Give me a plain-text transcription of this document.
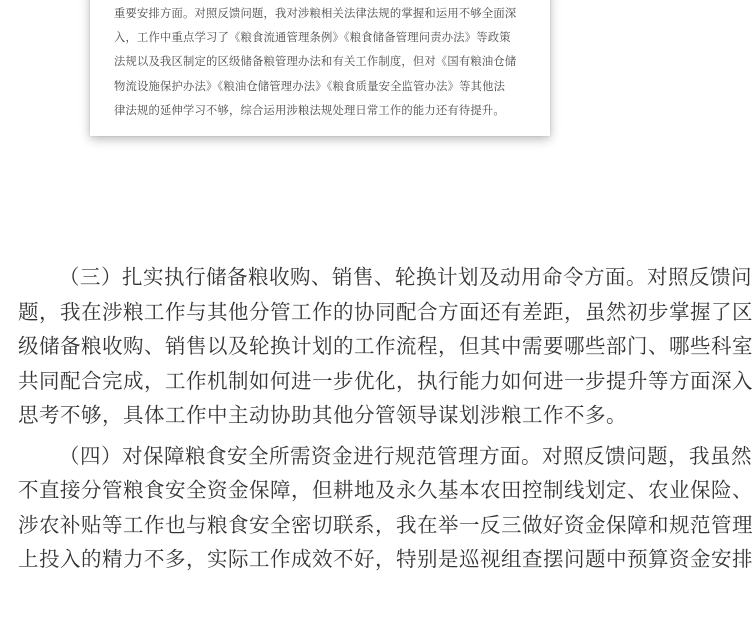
重要安排方面。对照反馈问题，我对涉粮相关法律法规的掌握和运用不够全面深
入，工作中重点学习了《粮食流通管理条例》《粮食储备管理问责办法》等政策
法规以及我区制定的区级储备粮管理办法和有关工作制度，但对《国有粮油仓储
物流设施保护办法》《粮油仓储管理办法》《粮食质量安全监管办法》等其他法
律法规的延伸学习不够，综合运用涉粮法规处理日常工作的能力还有待提升。
（三）扎实执行储备粮收购、销售、轮换计划及动用命令方面。对照反馈问
题，我在涉粮工作与其他分管工作的协同配合方面还有差距，虽然初步掌握了区
级储备粮收购、销售以及轮换计划的工作流程，但其中需要哪些部门、哪些科室
共同配合完成，工作机制如何进一步优化，执行能力如何进一步提升等方面深入
思考不够，具体工作中主动协助其他分管领导谋划涉粮工作不多。
（四）对保障粮食安全所需资金进行规范管理方面。对照反馈问题，我虽然
不直接分管粮食安全资金保障，但耕地及永久基本农田控制线划定、农业保险、
涉农补贴等工作也与粮食安全密切联系，我在举一反三做好资金保障和规范管理
上投入的精力不多，实际工作成效不好，特别是巡视组查摆问题中预算资金安排
